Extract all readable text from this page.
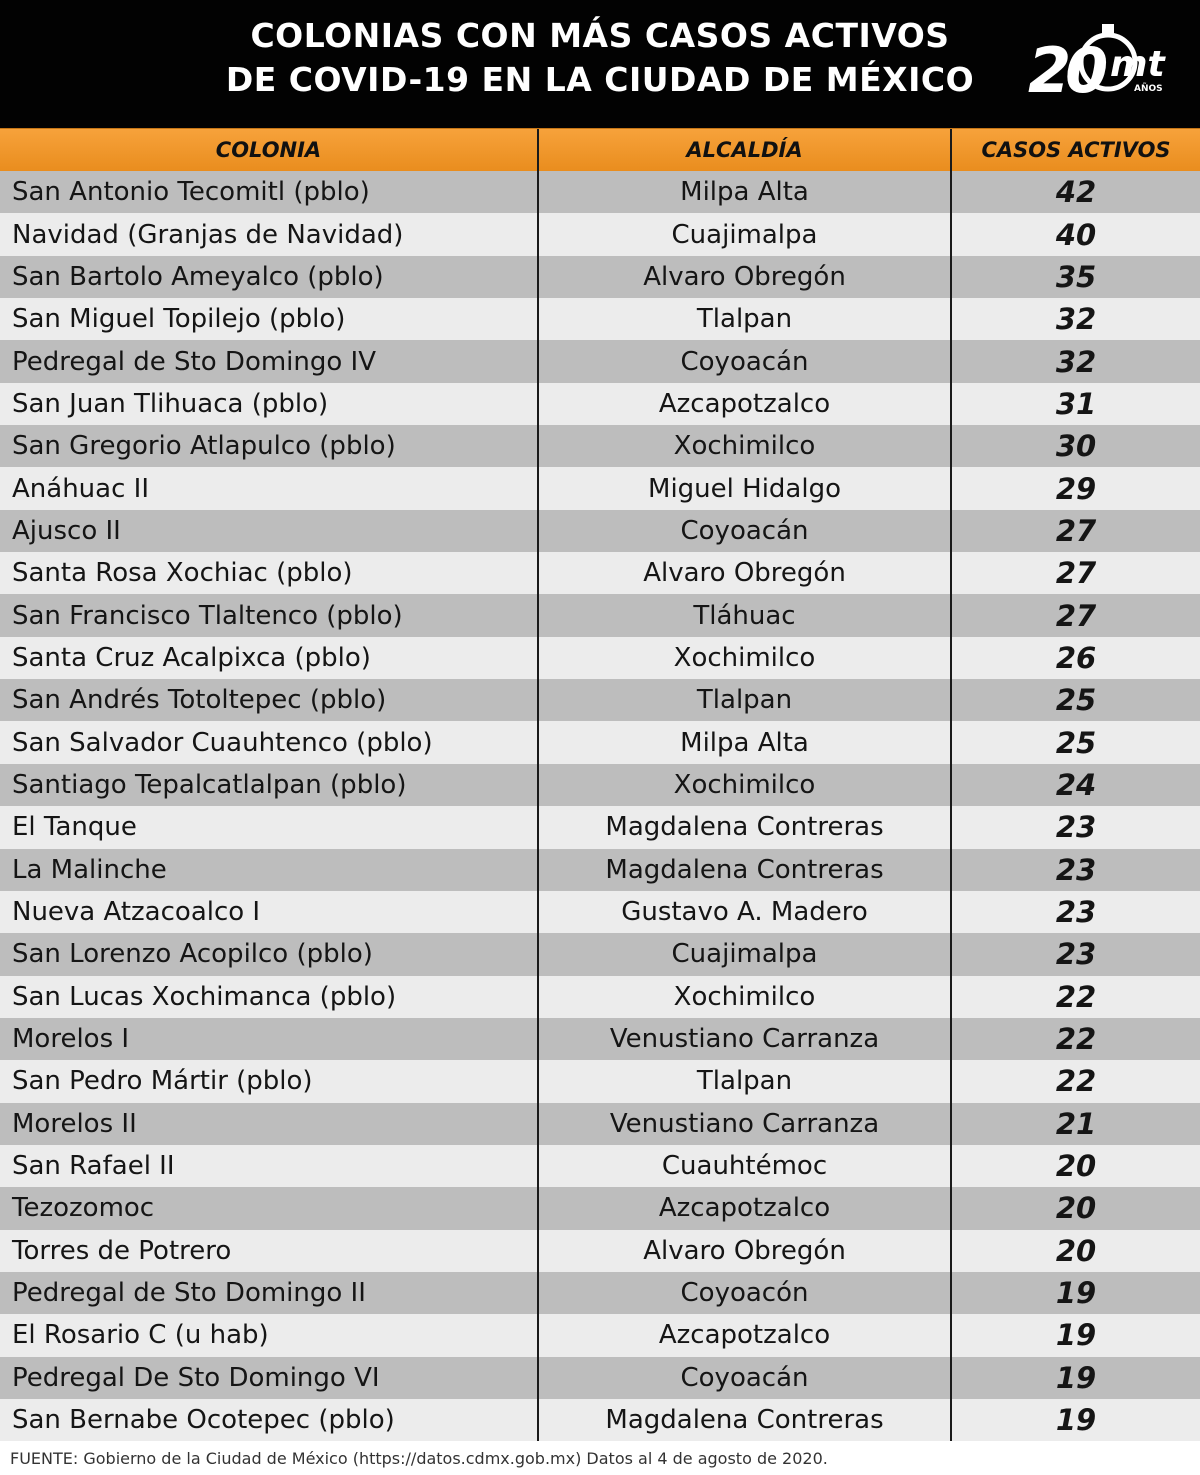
COLONIAS CON MÁS CASOS ACTIVOS
DE COVID-19 EN LA CIUDAD DE MÉXICO 20 mt
AÑOS
COLONIA	ALCALDÍA	CASOS ACTIVOS
San Antonio Tecomitl (pblo)	Milpa Alta	42
Navidad (Granjas de Navidad)	Cuajimalpa	40
San Bartolo Ameyalco (pblo)	Alvaro Obregón	35
San Miguel Topilejo (pblo)	Tlalpan	32
Pedregal de Sto Domingo IV	Coyoacán	32
San Juan Tlihuaca (pblo)	Azcapotzalco	31
San Gregorio Atlapulco (pblo)	Xochimilco	30
Anáhuac II	Miguel Hidalgo	29
Ajusco II	Coyoacán	27
Santa Rosa Xochiac (pblo)	Alvaro Obregón	27
San Francisco Tlaltenco (pblo)	Tláhuac	27
Santa Cruz Acalpixca (pblo)	Xochimilco	26
San Andrés Totoltepec (pblo)	Tlalpan	25
San Salvador Cuauhtenco (pblo)	Milpa Alta	25
Santiago Tepalcatlalpan (pblo)	Xochimilco	24
El Tanque	Magdalena Contreras	23
La Malinche	Magdalena Contreras	23
Nueva Atzacoalco I	Gustavo A. Madero	23
San Lorenzo Acopilco (pblo)	Cuajimalpa	23
San Lucas Xochimanca (pblo)	Xochimilco	22
Morelos I	Venustiano Carranza	22
San Pedro Mártir (pblo)	Tlalpan	22
Morelos II	Venustiano Carranza	21
San Rafael II	Cuauhtémoc	20
Tezozomoc	Azcapotzalco	20
Torres de Potrero	Alvaro Obregón	20
Pedregal de Sto Domingo II	Coyoacón	19
El Rosario C (u hab)	Azcapotzalco	19
Pedregal De Sto Domingo VI	Coyoacán	19
San Bernabe Ocotepec (pblo)	Magdalena Contreras	19
FUENTE: Gobierno de la Ciudad de México (https://datos.cdmx.gob.mx) Datos al 4 de agosto de 2020.
